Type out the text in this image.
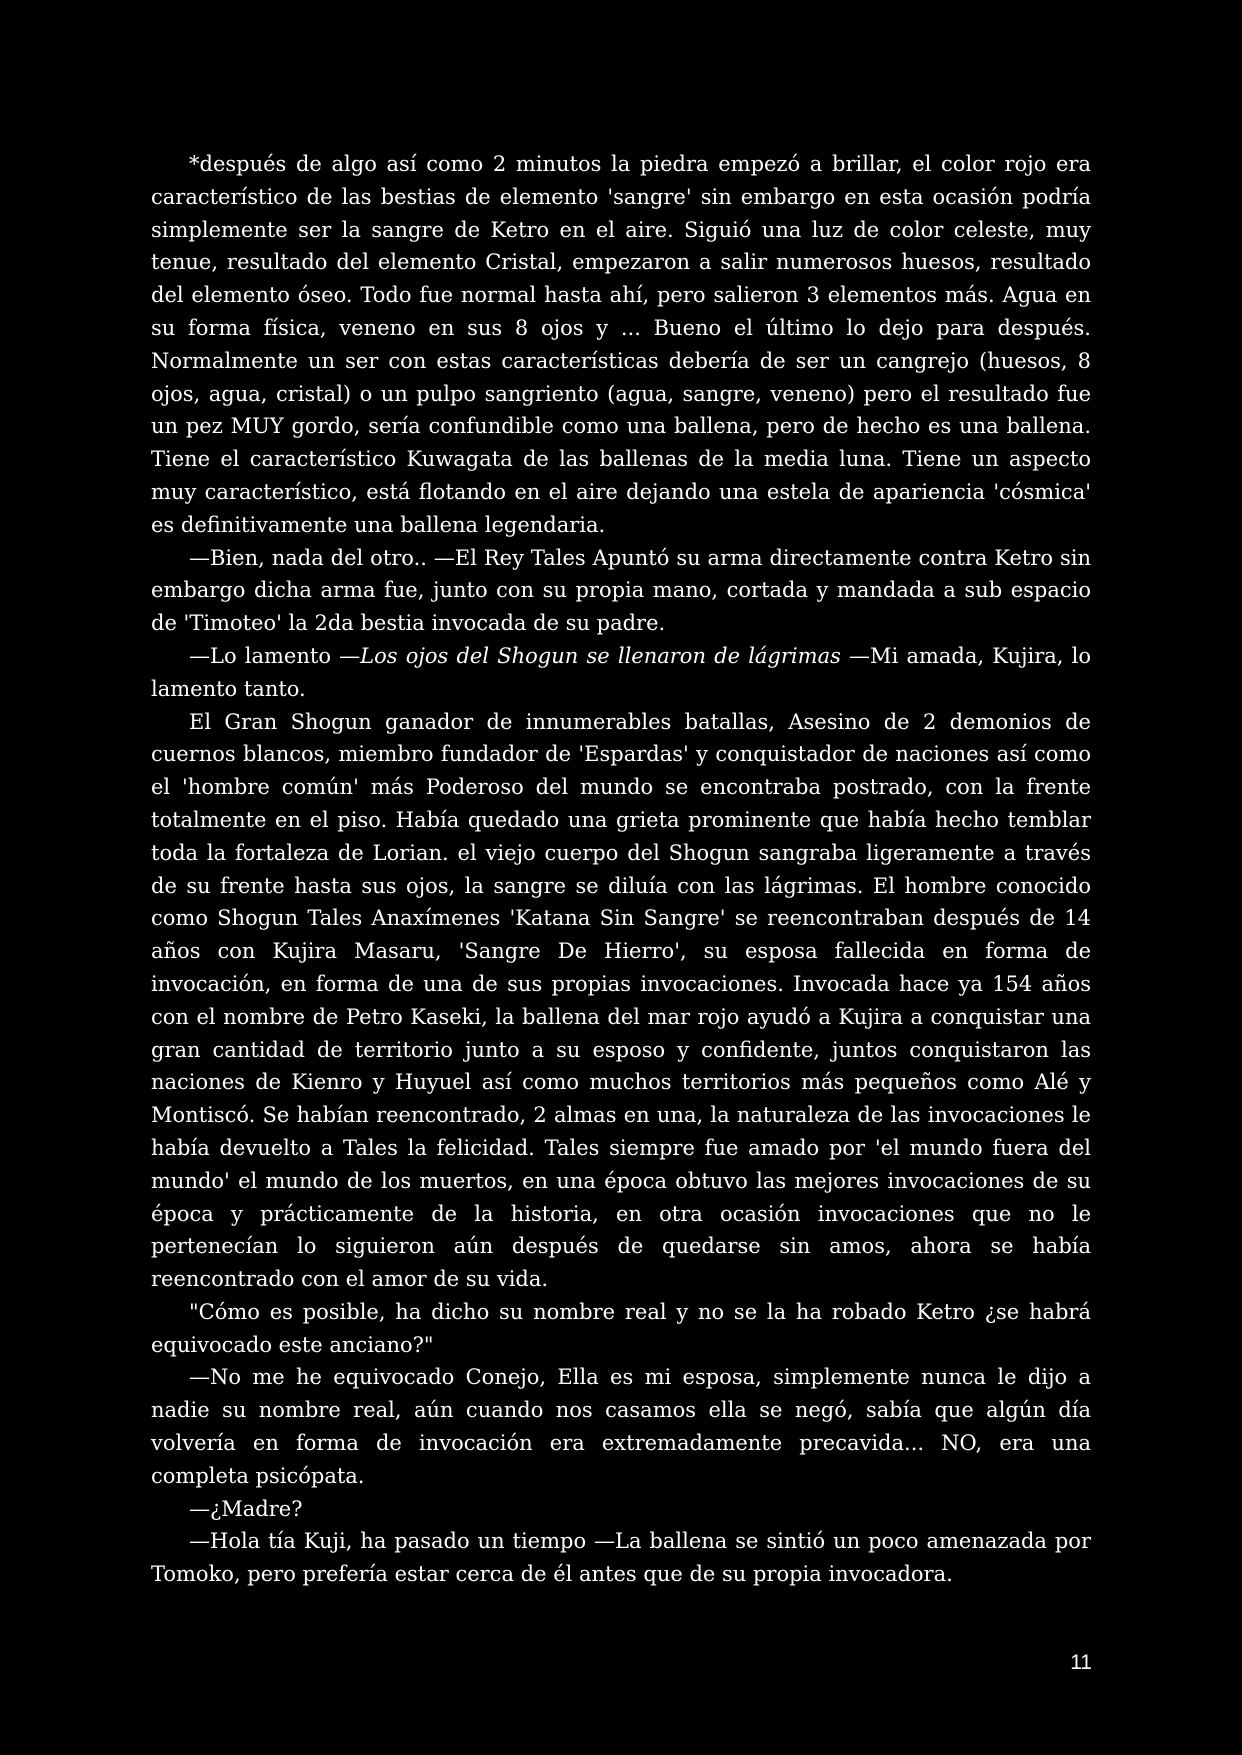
*después de algo así como 2 minutos la piedra empezó a brillar, el color rojo era característico de las bestias de elemento 'sangre' sin embargo en esta ocasión podría simplemente ser la sangre de Ketro en el aire. Siguió una luz de color celeste, muy tenue, resultado del elemento Cristal, empezaron a salir numerosos huesos, resultado del elemento óseo. Todo fue normal hasta ahí, pero salieron 3 elementos más. Agua en su forma física, veneno en sus 8 ojos y ... Bueno el último lo dejo para después. Normalmente un ser con estas características debería de ser un cangrejo (huesos, 8 ojos, agua, cristal) o un pulpo sangriento (agua, sangre, veneno) pero el resultado fue un pez MUY gordo, sería confundible como una ballena, pero de hecho es una ballena. Tiene el característico Kuwagata de las ballenas de la media luna. Tiene un aspecto muy característico, está flotando en el aire dejando una estela de apariencia 'cósmica' es definitivamente una ballena legendaria.

—Bien, nada del otro.. —El Rey Tales Apuntó su arma directamente contra Ketro sin embargo dicha arma fue, junto con su propia mano, cortada y mandada a sub espacio de 'Timoteo' la 2da bestia invocada de su padre.

—Lo lamento —Los ojos del Shogun se llenaron de lágrimas —Mi amada, Kujira, lo lamento tanto.

El Gran Shogun ganador de innumerables batallas, Asesino de 2 demonios de cuernos blancos, miembro fundador de 'Espardas' y conquistador de naciones así como el 'hombre común' más Poderoso del mundo se encontraba postrado, con la frente totalmente en el piso. Había quedado una grieta prominente que había hecho temblar toda la fortaleza de Lorian. el viejo cuerpo del Shogun sangraba ligeramente a través de su frente hasta sus ojos, la sangre se diluía con las lágrimas. El hombre conocido como Shogun Tales Anaxímenes 'Katana Sin Sangre' se reencontraban después de 14 años con Kujira Masaru, 'Sangre De Hierro', su esposa fallecida en forma de invocación, en forma de una de sus propias invocaciones. Invocada hace ya 154 años con el nombre de Petro Kaseki, la ballena del mar rojo ayudó a Kujira a conquistar una gran cantidad de territorio junto a su esposo y confidente, juntos conquistaron las naciones de Kienro y Huyuel así como muchos territorios más pequeños como Alé y Montiscó. Se habían reencontrado, 2 almas en una, la naturaleza de las invocaciones le había devuelto a Tales la felicidad. Tales siempre fue amado por 'el mundo fuera del mundo' el mundo de los muertos, en una época obtuvo las mejores invocaciones de su época y prácticamente de la historia, en otra ocasión invocaciones que no le pertenecían lo siguieron aún después de quedarse sin amos, ahora se había reencontrado con el amor de su vida.

"Cómo es posible, ha dicho su nombre real y no se la ha robado Ketro ¿se habrá equivocado este anciano?"

—No me he equivocado Conejo, Ella es mi esposa, simplemente nunca le dijo a nadie su nombre real, aún cuando nos casamos ella se negó, sabía que algún día volvería en forma de invocación era extremadamente precavida... NO, era una completa psicópata.

—¿Madre?

—Hola tía Kuji, ha pasado un tiempo —La ballena se sintió un poco amenazada por Tomoko, pero prefería estar cerca de él antes que de su propia invocadora.

11
